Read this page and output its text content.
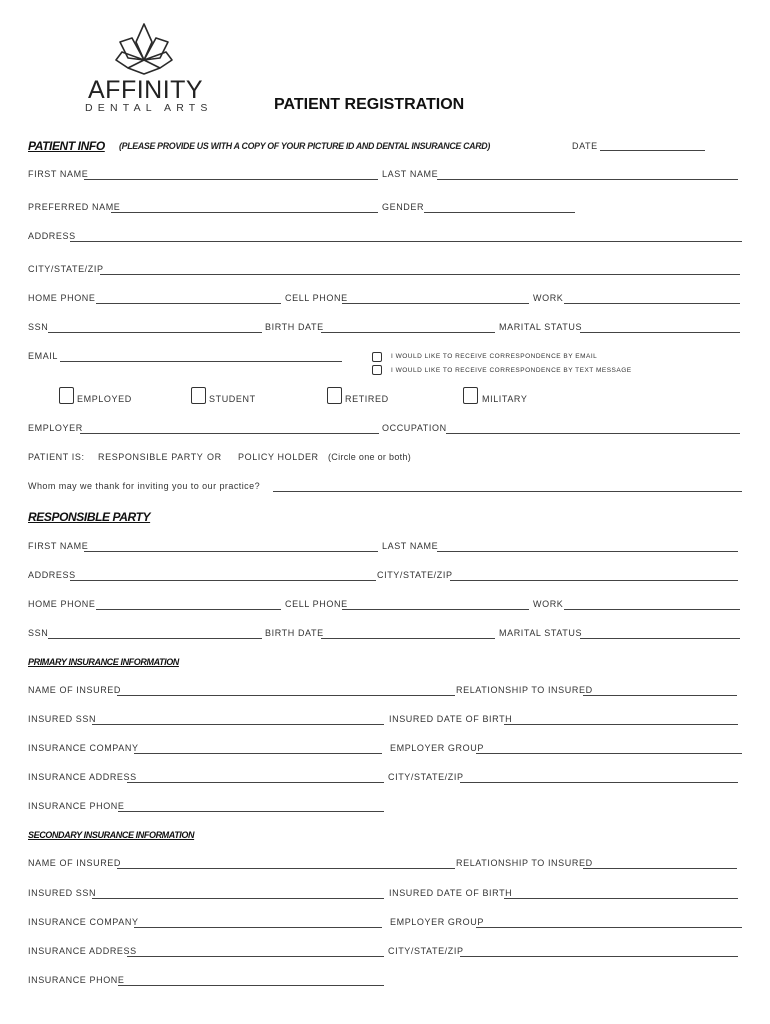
AFFINITY
DENTAL ARTS	PATIENT REGISTRATION
PATIENT INFO (PLEASE PROVIDE US WITH A COPY OF YOUR PICTURE ID AND DENTAL INSURANCE CARD)	DATE
FIRST NAME	LAST NAME
PREFERRED NAME	GENDER
ADDRESS
CITY/STATE/ZIP
HOME PHONE	CELL PHONE	WORK
SSN	BIRTH DATE	MARITAL STATUS
EMAIL	I WOULD LIKE TO RECEIVE CORRESPONDENCE BY EMAIL
I WOULD LIKE TO RECEIVE CORRESPONDENCE BY TEXT MESSAGE
EMPLOYED	STUDENT	RETIRED	MILITARY
EMPLOYER	OCCUPATION
PATIENT IS: RESPONSIBLE PARTY OR POLICY HOLDER (Circle one or both)
Whom may we thank for inviting you to our practice?
RESPONSIBLE PARTY
FIRST NAME	LAST NAME
ADDRESS	CITY/STATE/ZIP
HOME PHONE	CELL PHONE	WORK
SSN	BIRTH DATE	MARITAL STATUS
PRIMARY INSURANCE INFORMATION
NAME OF INSURED	RELATIONSHIP TO INSURED
INSURED SSN	INSURED DATE OF BIRTH
INSURANCE COMPANY	EMPLOYER GROUP
INSURANCE ADDRESS	CITY/STATE/ZIP
INSURANCE PHONE
SECONDARY INSURANCE INFORMATION
NAME OF INSURED	RELATIONSHIP TO INSURED
INSURED SSN	INSURED DATE OF BIRTH
INSURANCE COMPANY	EMPLOYER GROUP
INSURANCE ADDRESS	CITY/STATE/ZIP
INSURANCE PHONE
